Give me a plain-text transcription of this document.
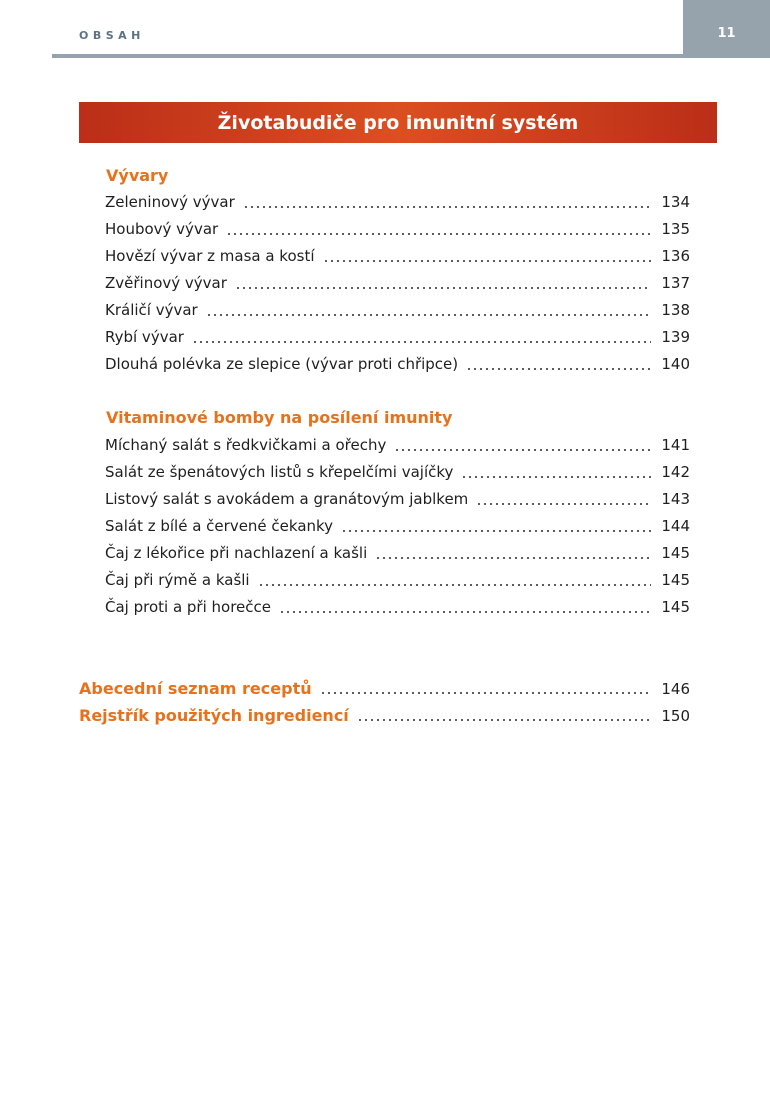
OBSAH	11
Životabudiče pro imunitní systém
Vývary
Zeleninový vývar	134
Houbový vývar	135
Hovězí vývar z masa a kostí	136
Zvěřinový vývar	137
Králičí vývar	138
Rybí vývar	139
Dlouhá polévka ze slepice (vývar proti chřipce)	140
Vitaminové bomby na posílení imunity
Míchaný salát s ředkvičkami a ořechy	141
Salát ze špenátových listů s křepelčími vajíčky	142
Listový salát s avokádem a granátovým jablkem	143
Salát z bílé a červené čekanky	144
Čaj z lékořice při nachlazení a kašli	145
Čaj při rýmě a kašli	145
Čaj proti a při horečce	145
Abecední seznam receptů	146
Rejstřík použitých ingrediencí	150
